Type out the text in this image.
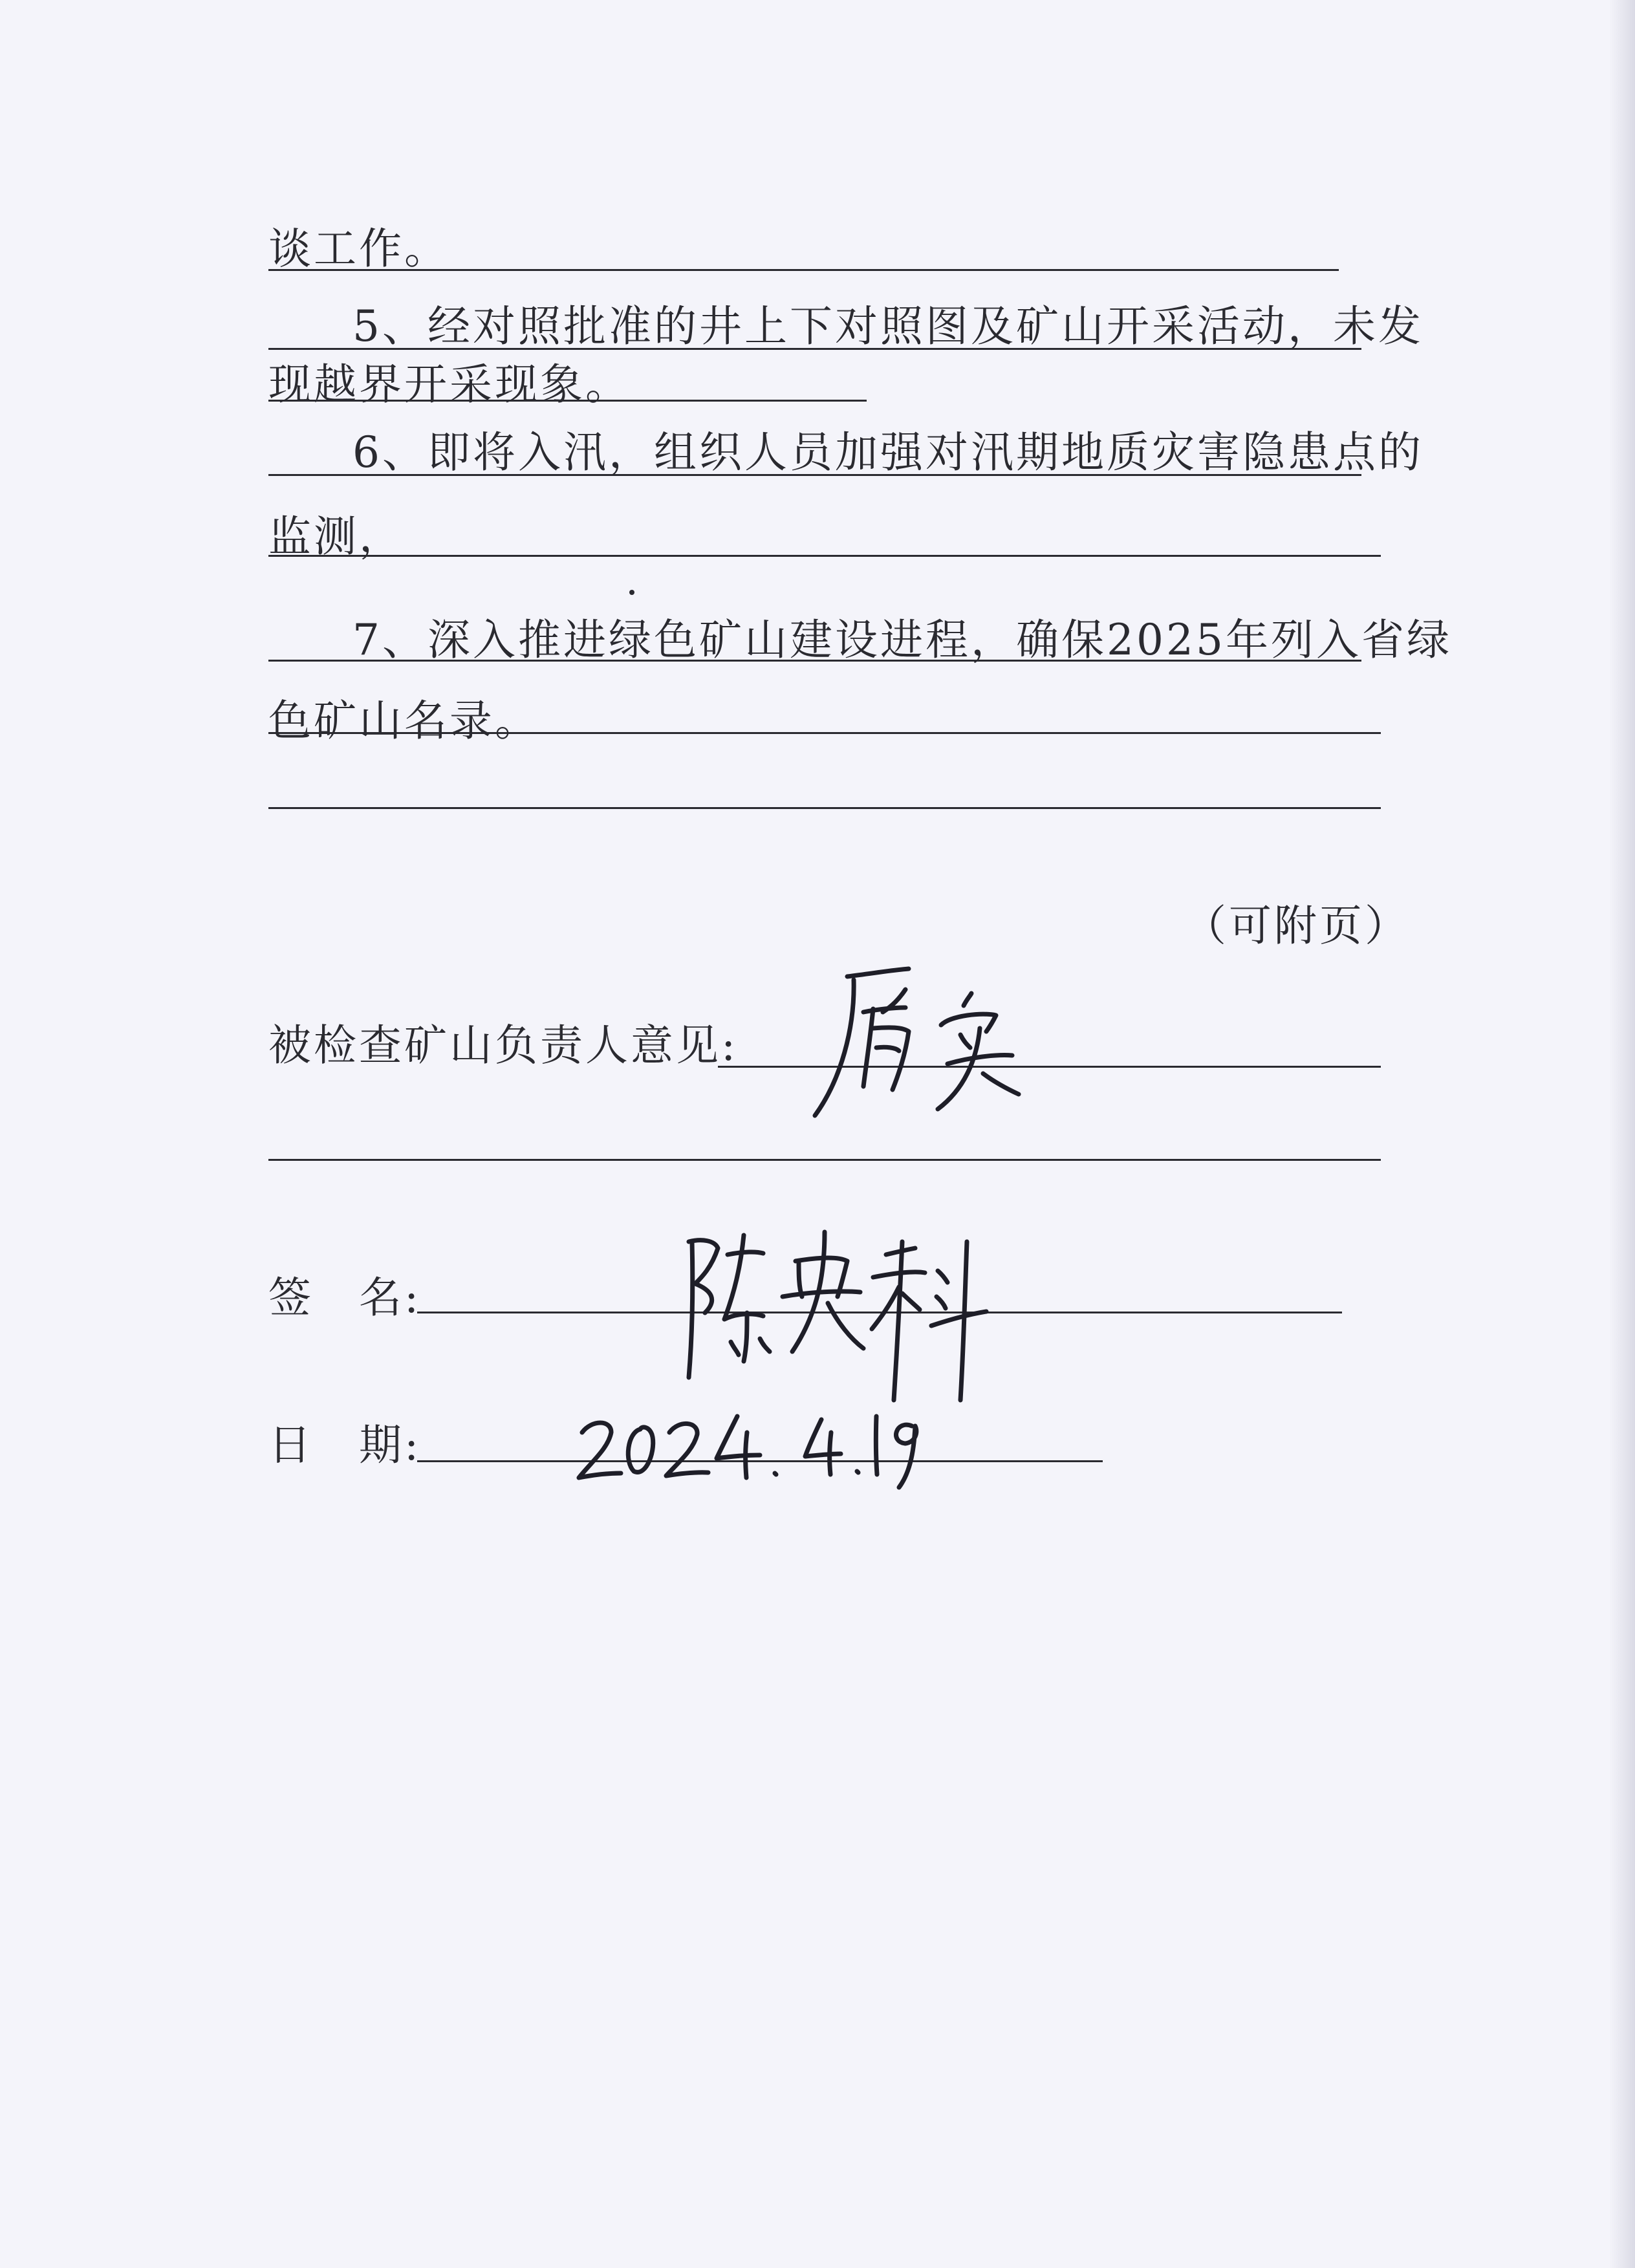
谈工作。
5、经对照批准的井上下对照图及矿山开采活动，未发
现越界开采现象。
6、即将入汛，组织人员加强对汛期地质灾害隐患点的
监测，
7、深入推进绿色矿山建设进程，确保2025年列入省绿
色矿山名录。
（可附页）
被检查矿山负责人意见:
签　名:
日　期:
